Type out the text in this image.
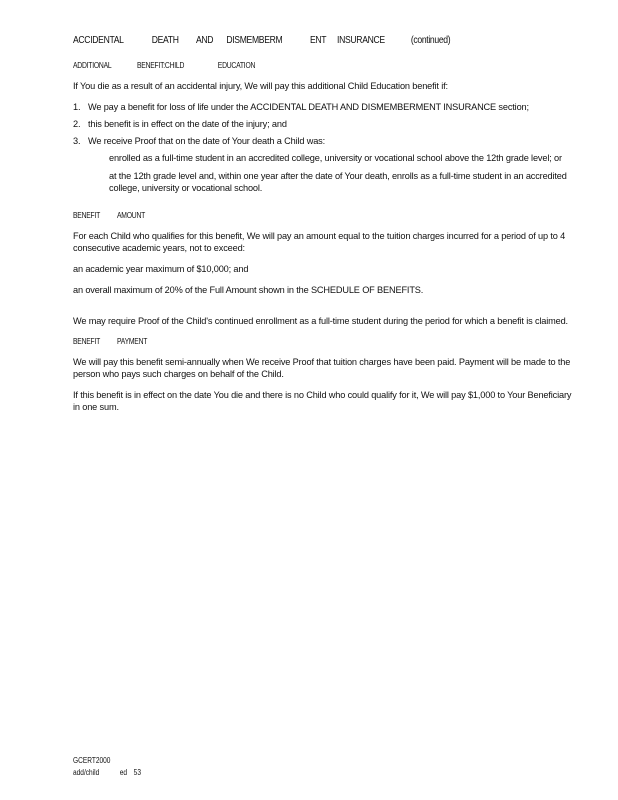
ACCIDENTAL	DEATH AND DISMEMBERM	ENT INSURANCE (continued)
ADDITIONAL	BENEFIT:CHILD	EDUCATION

If You die as a result of an accidental injury, We will pay this additional Child Education benefit if:

1. We pay a benefit for loss of life under the ACCIDENTAL DEATH AND DISMEMBERMENT INSURANCE section;
2. this benefit is in effect on the date of the injury; and
3. We receive Proof that on the date of Your death a Child was:
enrolled as a full-time student in an accredited college, university or vocational school above the 12th grade level; or
at the 12th grade level and, within one year after the date of Your death, enrolls as a full-time student in an accredited college, university or vocational school.
BENEFIT AMOUNT

For each Child who qualifies for this benefit, We will pay an amount equal to the tuition charges incurred for a period of up to 4 consecutive academic years, not to exceed:

an academic year maximum of $10,000; and
an overall maximum of 20% of the Full Amount shown in the SCHEDULE OF BENEFITS.

We may require Proof of the Child's continued enrollment as a full-time student during the period for which a benefit is claimed.

BENEFIT PAYMENT

We will pay this benefit semi-annually when We receive Proof that tuition charges have been paid. Payment will be made to the person who pays such charges on behalf of the Child.

If this benefit is in effect on the date You die and there is no Child who could qualify for it, We will pay $1,000 to Your Beneficiary in one sum.

GCERT2000
add/child	ed 53
